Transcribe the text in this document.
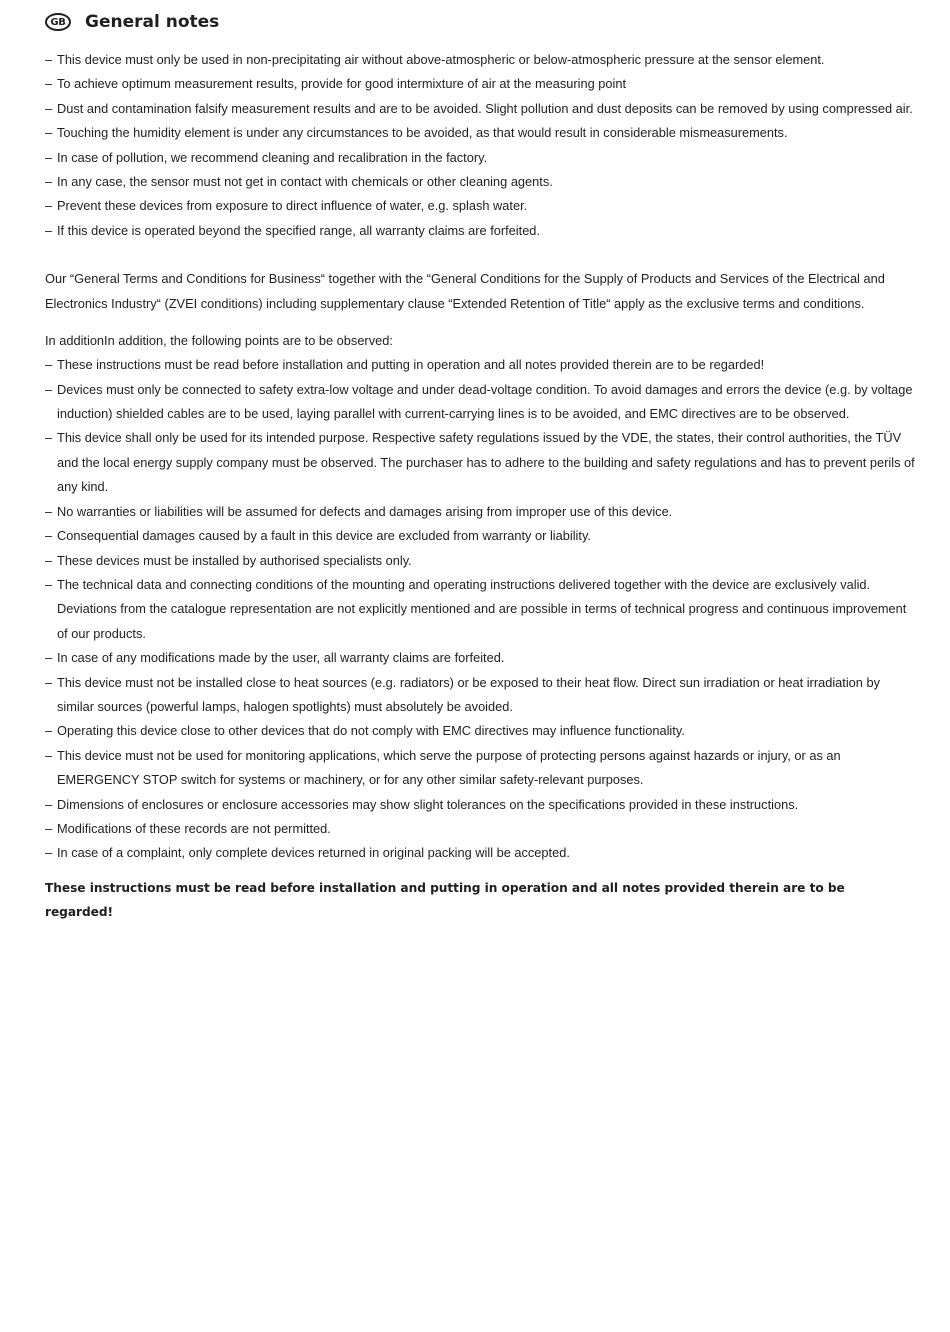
GB	General notes
– This device must only be used in non-precipitating air without above-atmospheric or below-atmospheric pressure at the sensor element.
– To achieve optimum measurement results, provide for good intermixture of air at the measuring point
– Dust and contamination falsify measurement results and are to be avoided. Slight pollution and dust deposits can be removed by using compressed air.
– Touching the humidity element is under any circumstances to be avoided, as that would result in considerable mismeasurements.
– In case of pollution, we recommend cleaning and recalibration in the factory.
– In any case, the sensor must not get in contact with chemicals or other cleaning agents.
– Prevent these devices from exposure to direct influence of water, e.g. splash water.
– If this device is operated beyond the specified range, all warranty claims are forfeited.

Our “General Terms and Conditions for Business“ together with the “General Conditions for the Supply of Products and Services of the Electrical and Electronics Industry“ (ZVEI conditions) including supplementary clause “Extended Retention of Title“ apply as the exclusive terms and conditions.

In additionIn addition, the following points are to be observed:
– These instructions must be read before installation and putting in operation and all notes provided therein are to be regarded!
– Devices must only be connected to safety extra-low voltage and under dead-voltage condition. To avoid damages and errors the device (e.g. by voltage induction) shielded cables are to be used, laying parallel with current-carrying lines is to be avoided, and EMC directives are to be observed.
– This device shall only be used for its intended purpose. Respective safety regulations issued by the VDE, the states, their control authorities, the TÜV and the local energy supply company must be observed. The purchaser has to adhere to the building and safety regulations and has to prevent perils of any kind.
– No warranties or liabilities will be assumed for defects and damages arising from improper use of this device.
– Consequential damages caused by a fault in this device are excluded from warranty or liability.
– These devices must be installed by authorised specialists only.
– The technical data and connecting conditions of the mounting and operating instructions delivered together with the device are exclusively valid. Deviations from the catalogue representation are not explicitly mentioned and are possible in terms of technical progress and continuous improvement of our products.
– In case of any modifications made by the user, all warranty claims are forfeited.
– This device must not be installed close to heat sources (e.g. radiators) or be exposed to their heat flow. Direct sun irradiation or heat irradiation by similar sources (powerful lamps, halogen spotlights) must absolutely be avoided.
– Operating this device close to other devices that do not comply with EMC directives may influence functionality.
– This device must not be used for monitoring applications, which serve the purpose of protecting persons against hazards or injury, or as an EMERGENCY STOP switch for systems or machinery, or for any other similar safety-relevant purposes.
– Dimensions of enclosures or enclosure accessories may show slight tolerances on the specifications provided in these instructions.
– Modifications of these records are not permitted.
– In case of a complaint, only complete devices returned in original packing will be accepted.
These instructions must be read before installation and putting in operation and all notes provided therein are to be regarded!
